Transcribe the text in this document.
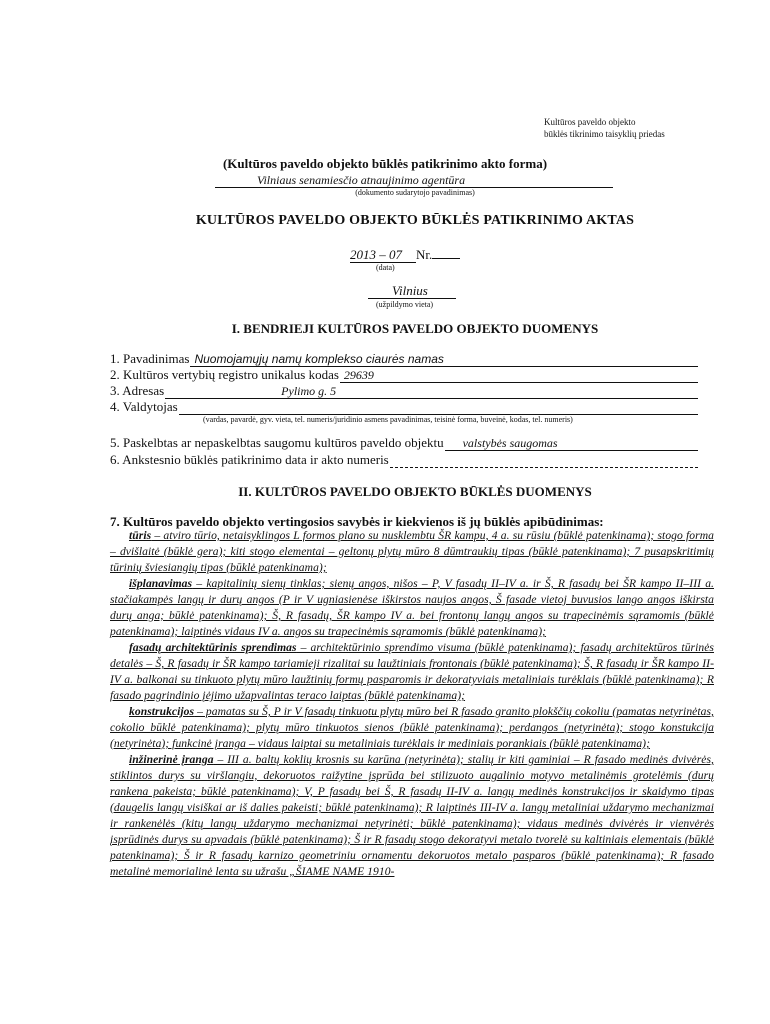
Kultūros paveldo objekto
būklės tikrinimo taisyklių priedas
(Kultūros paveldo objekto būklės patikrinimo akto forma)
Vilniaus senamiesčio atnaujinimo agentūra
(dokumento sudarytojo pavadinimas)
KULTŪROS PAVELDO OBJEKTO BŪKLĖS PATIKRINIMO AKTAS
2013 – 07 Nr.
(data)
Vilnius
(užpildymo vieta)
I. BENDRIEJI KULTŪROS PAVELDO OBJEKTO DUOMENYS
1. Pavadinimas Nuomojamųjų namų komplekso ciaurės namas
2. Kultūros vertybių registro unikalus kodas 29639
3. Adresas	Pylimo g. 5
4. Valdytojas
(vardas, pavardė, gyv. vieta, tel. numeris/juridinio asmens pavadinimas, teisinė forma, buveinė, kodas, tel. numeris)
5. Paskelbtas ar nepaskelbtas saugomu kultūros paveldo objektu valstybės saugomas
6. Ankstesnio būklės patikrinimo data ir akto numeris
II. KULTŪROS PAVELDO OBJEKTO BŪKLĖS DUOMENYS
7. Kultūros paveldo objekto vertingosios savybės ir kiekvienos iš jų būklės apibūdinimas:

tūris – atviro tūrio, netaisyklingos L formos plano su nusklembtu ŠR kampu, 4 a. su rūsiu (būklė patenkinama); stogo forma – dvišlaitė (būklė gera); kiti stogo elementai – geltonų plytų mūro 8 dūmtraukių tipas (būklė patenkinama); 7 pusapskritimių tūrinių šviesiangių tipas (būklė patenkinama);

išplanavimas – kapitalinių sienų tinklas; sienų angos, nišos – P, V fasadų II–IV a. ir Š, R fasadų bei ŠR kampo II–III a. stačiakampės langų ir durų angos (P ir V ugniasienėse iškirstos naujos angos, Š fasade vietoj buvusios lango angos iškirsta durų anga; būklė patenkinama); Š, R fasadų, ŠR kampo IV a. bei frontonų langų angos su trapecinėmis sąramomis (būklė patenkinama); laiptinės vidaus IV a. angos su trapecinėmis sąramomis (būklė patenkinama);

fasadų architektūrinis sprendimas – architektūrinio sprendimo visuma (būklė patenkinama); fasadų architektūros tūrinės detalės – Š, R fasadų ir ŠR kampo tariamieji rizalitai su laužtiniais frontonais (būklė patenkinama); Š, R fasadų ir ŠR kampo II-IV a. balkonai su tinkuoto plytų mūro laužtinių formų pasparomis ir dekoratyviais metaliniais turėklais (būklė patenkinama); R fasado pagrindinio įėjimo užapvalintas teraco laiptas (būklė patenkinama);

konstrukcijos – pamatas su Š, P ir V fasadų tinkuotu plytų mūro bei R fasado granito plokščių cokoliu (pamatas netyrinėtas, cokolio būklė patenkinama); plytų mūro tinkuotos sienos (būklė patenkinama); perdangos (netyrinėta); stogo konstukcija (netyrinėta); funkcinė įranga – vidaus laiptai su metaliniais turėklais ir mediniais porankiais (būklė patenkinama);

inžinerinė įranga – III a. baltų koklių krosnis su karūna (netyrinėta); stalių ir kiti gaminiai – R fasado medinės dvivėrės, stiklintos durys su viršlangiu, dekoruotos raižytine įsprūda bei stilizuoto augalinio motyvo metalinėmis grotelėmis (durų rankena pakeista; būklė patenkinama); V, P fasadų bei Š, R fasadų II-IV a. langų medinės konstrukcijos ir skaidymo tipas (daugelis langų visiškai ar iš dalies pakeisti; būklė patenkinama); R laiptinės III-IV a. langų metaliniai uždarymo mechanizmai ir rankenėlės (kitų langų uždarymo mechanizmai netyrinėti; būklė patenkinama); vidaus medinės dvivėrės ir vienvėrės įsprūdinės durys su apvadais (būklė patenkinama); Š ir R fasadų stogo dekoratyvi metalo tvorelė su kaltiniais elementais (būklė patenkinama); Š ir R fasadų karnizo geometriniu ornamentu dekoruotos metalo pasparos (būklė patenkinama); R fasado metalinė memorialinė lenta su užrašu „ŠIAME NAME 1910-
